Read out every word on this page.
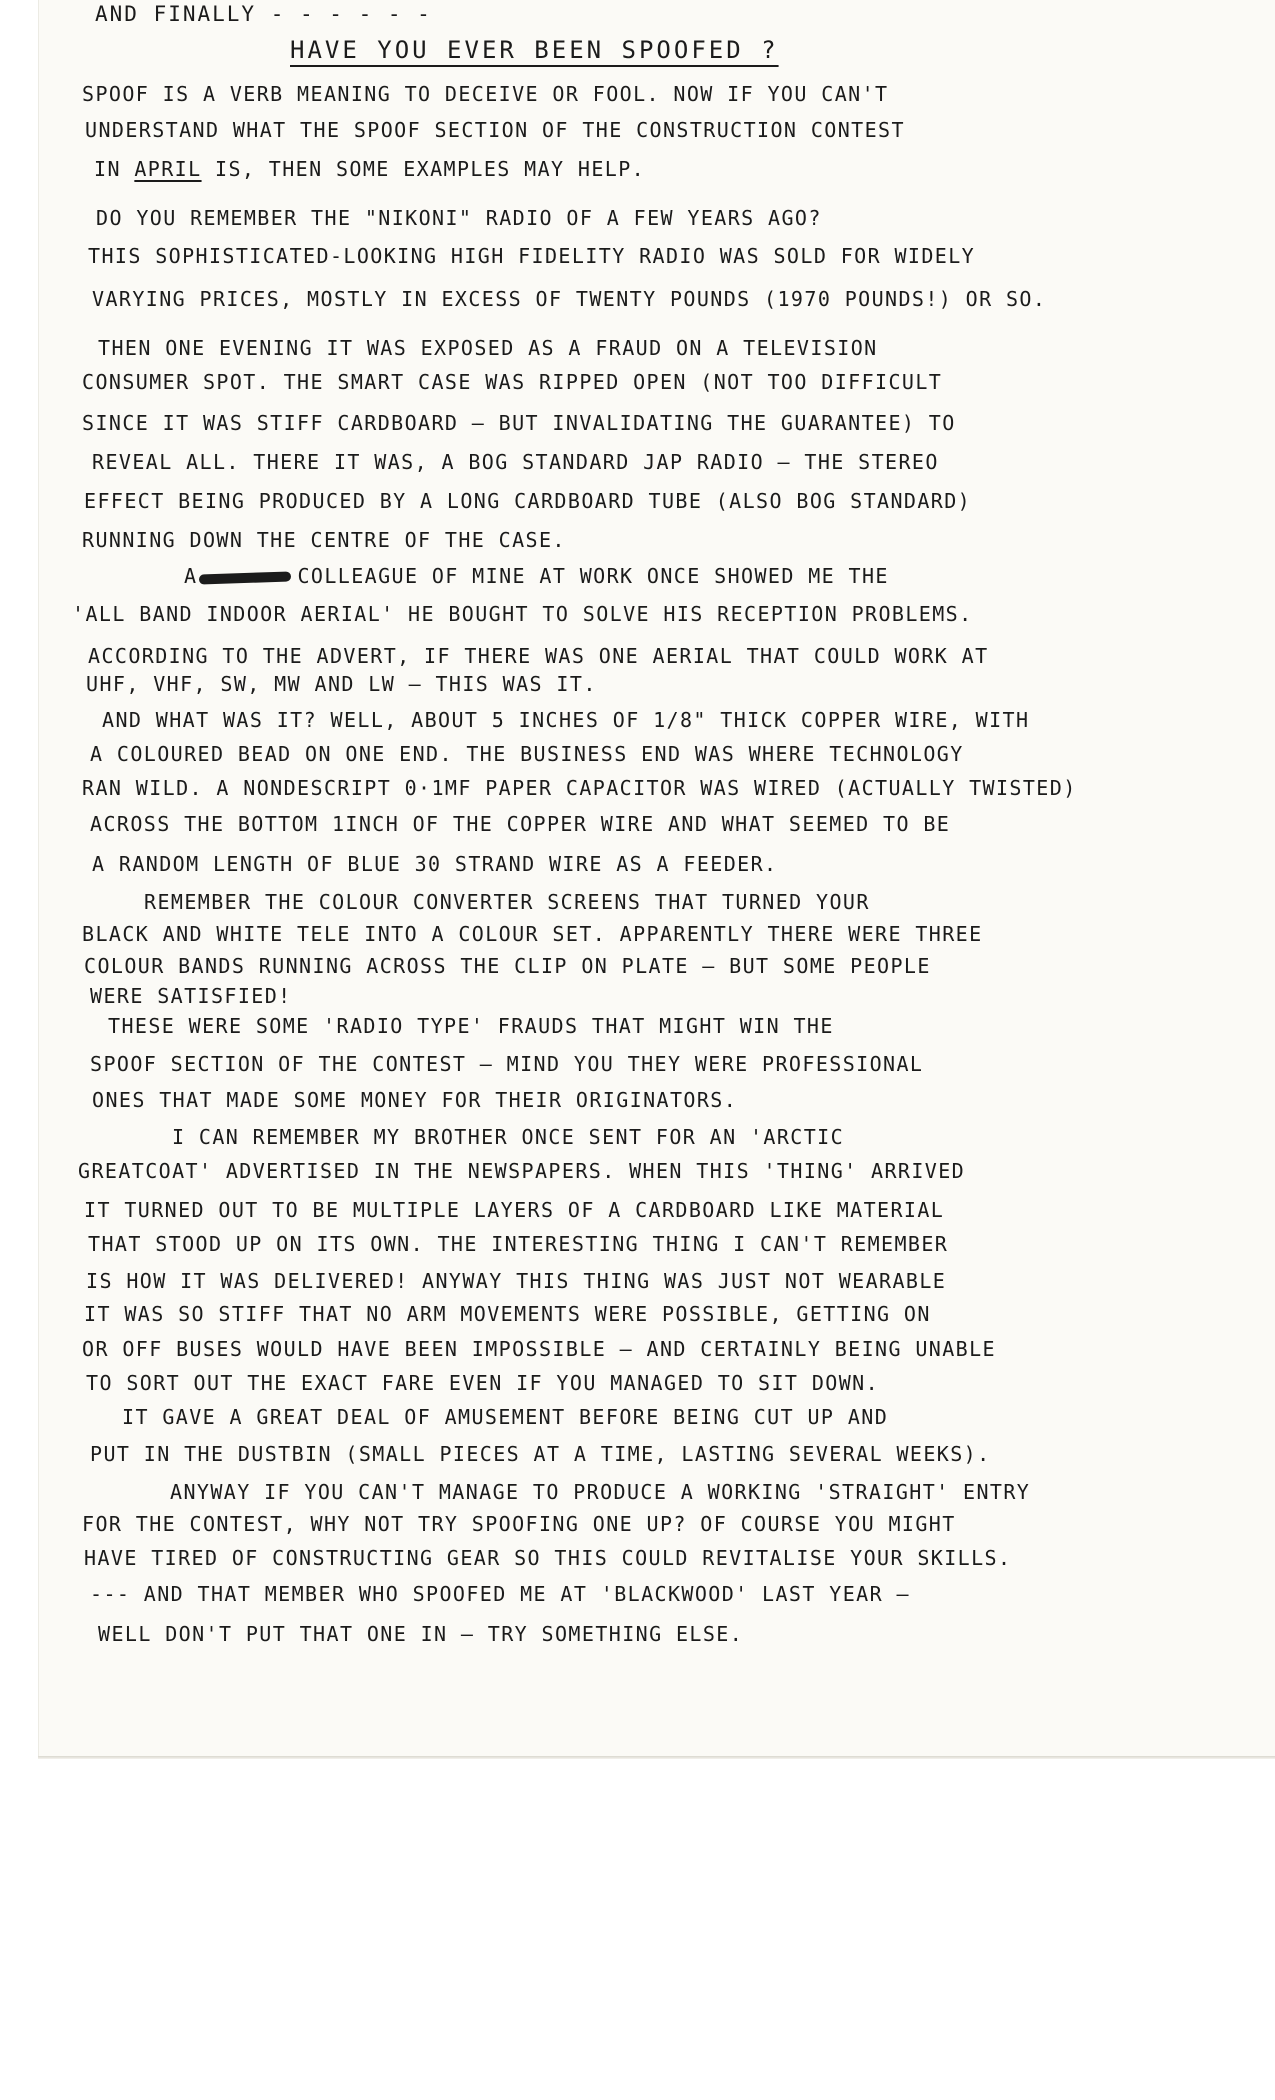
AND FINALLY - - - - - -

HAVE YOU EVER BEEN SPOOFED ?

SPOOF IS A VERB MEANING TO DECEIVE OR FOOL. NOW IF YOU CAN'T

UNDERSTAND WHAT THE SPOOF SECTION OF THE CONSTRUCTION CONTEST

IN APRIL IS, THEN SOME EXAMPLES MAY HELP.

DO YOU REMEMBER THE "NIKONI" RADIO OF A FEW YEARS AGO?

THIS SOPHISTICATED-LOOKING HIGH FIDELITY RADIO WAS SOLD FOR WIDELY

VARYING PRICES, MOSTLY IN EXCESS OF TWENTY POUNDS (1970 POUNDS!) OR SO.

THEN ONE EVENING IT WAS EXPOSED AS A FRAUD ON A TELEVISION

CONSUMER SPOT. THE SMART CASE WAS RIPPED OPEN (NOT TOO DIFFICULT

SINCE IT WAS STIFF CARDBOARD — BUT INVALIDATING THE GUARANTEE) TO

REVEAL ALL. THERE IT WAS, A BOG STANDARD JAP RADIO — THE STEREO

EFFECT BEING PRODUCED BY A LONG CARDBOARD TUBE (ALSO BOG STANDARD)

RUNNING DOWN THE CENTRE OF THE CASE.

A	COLLEAGUE OF MINE AT WORK ONCE SHOWED ME THE

'ALL BAND INDOOR AERIAL' HE BOUGHT TO SOLVE HIS RECEPTION PROBLEMS.

ACCORDING TO THE ADVERT, IF THERE WAS ONE AERIAL THAT COULD WORK AT

UHF, VHF, SW, MW AND LW — THIS WAS IT.

AND WHAT WAS IT? WELL, ABOUT 5 INCHES OF 1/8" THICK COPPER WIRE, WITH

A COLOURED BEAD ON ONE END. THE BUSINESS END WAS WHERE TECHNOLOGY

RAN WILD. A NONDESCRIPT 0·1ΜF PAPER CAPACITOR WAS WIRED (ACTUALLY TWISTED)

ACROSS THE BOTTOM 1INCH OF THE COPPER WIRE AND WHAT SEEMED TO BE

A RANDOM LENGTH OF BLUE 30 STRAND WIRE AS A FEEDER.

REMEMBER THE COLOUR CONVERTER SCREENS THAT TURNED YOUR

BLACK AND WHITE TELE INTO A COLOUR SET. APPARENTLY THERE WERE THREE

COLOUR BANDS RUNNING ACROSS THE CLIP ON PLATE — BUT SOME PEOPLE

WERE SATISFIED!

THESE WERE SOME 'RADIO TYPE' FRAUDS THAT MIGHT WIN THE

SPOOF SECTION OF THE CONTEST — MIND YOU THEY WERE PROFESSIONAL

ONES THAT MADE SOME MONEY FOR THEIR ORIGINATORS.

I CAN REMEMBER MY BROTHER ONCE SENT FOR AN 'ARCTIC

GREATCOAT' ADVERTISED IN THE NEWSPAPERS. WHEN THIS 'THING' ARRIVED

IT TURNED OUT TO BE MULTIPLE LAYERS OF A CARDBOARD LIKE MATERIAL

THAT STOOD UP ON ITS OWN. THE INTERESTING THING I CAN'T REMEMBER

IS HOW IT WAS DELIVERED! ANYWAY THIS THING WAS JUST NOT WEARABLE

IT WAS SO STIFF THAT NO ARM MOVEMENTS WERE POSSIBLE, GETTING ON

OR OFF BUSES WOULD HAVE BEEN IMPOSSIBLE — AND CERTAINLY BEING UNABLE

TO SORT OUT THE EXACT FARE EVEN IF YOU MANAGED TO SIT DOWN.

IT GAVE A GREAT DEAL OF AMUSEMENT BEFORE BEING CUT UP AND

PUT IN THE DUSTBIN (SMALL PIECES AT A TIME, LASTING SEVERAL WEEKS).

ANYWAY IF YOU CAN'T MANAGE TO PRODUCE A WORKING 'STRAIGHT' ENTRY

FOR THE CONTEST, WHY NOT TRY SPOOFING ONE UP? OF COURSE YOU MIGHT

HAVE TIRED OF CONSTRUCTING GEAR SO THIS COULD REVITALISE YOUR SKILLS.

--- AND THAT MEMBER WHO SPOOFED ME AT 'BLACKWOOD' LAST YEAR —

WELL DON'T PUT THAT ONE IN — TRY SOMETHING ELSE.
